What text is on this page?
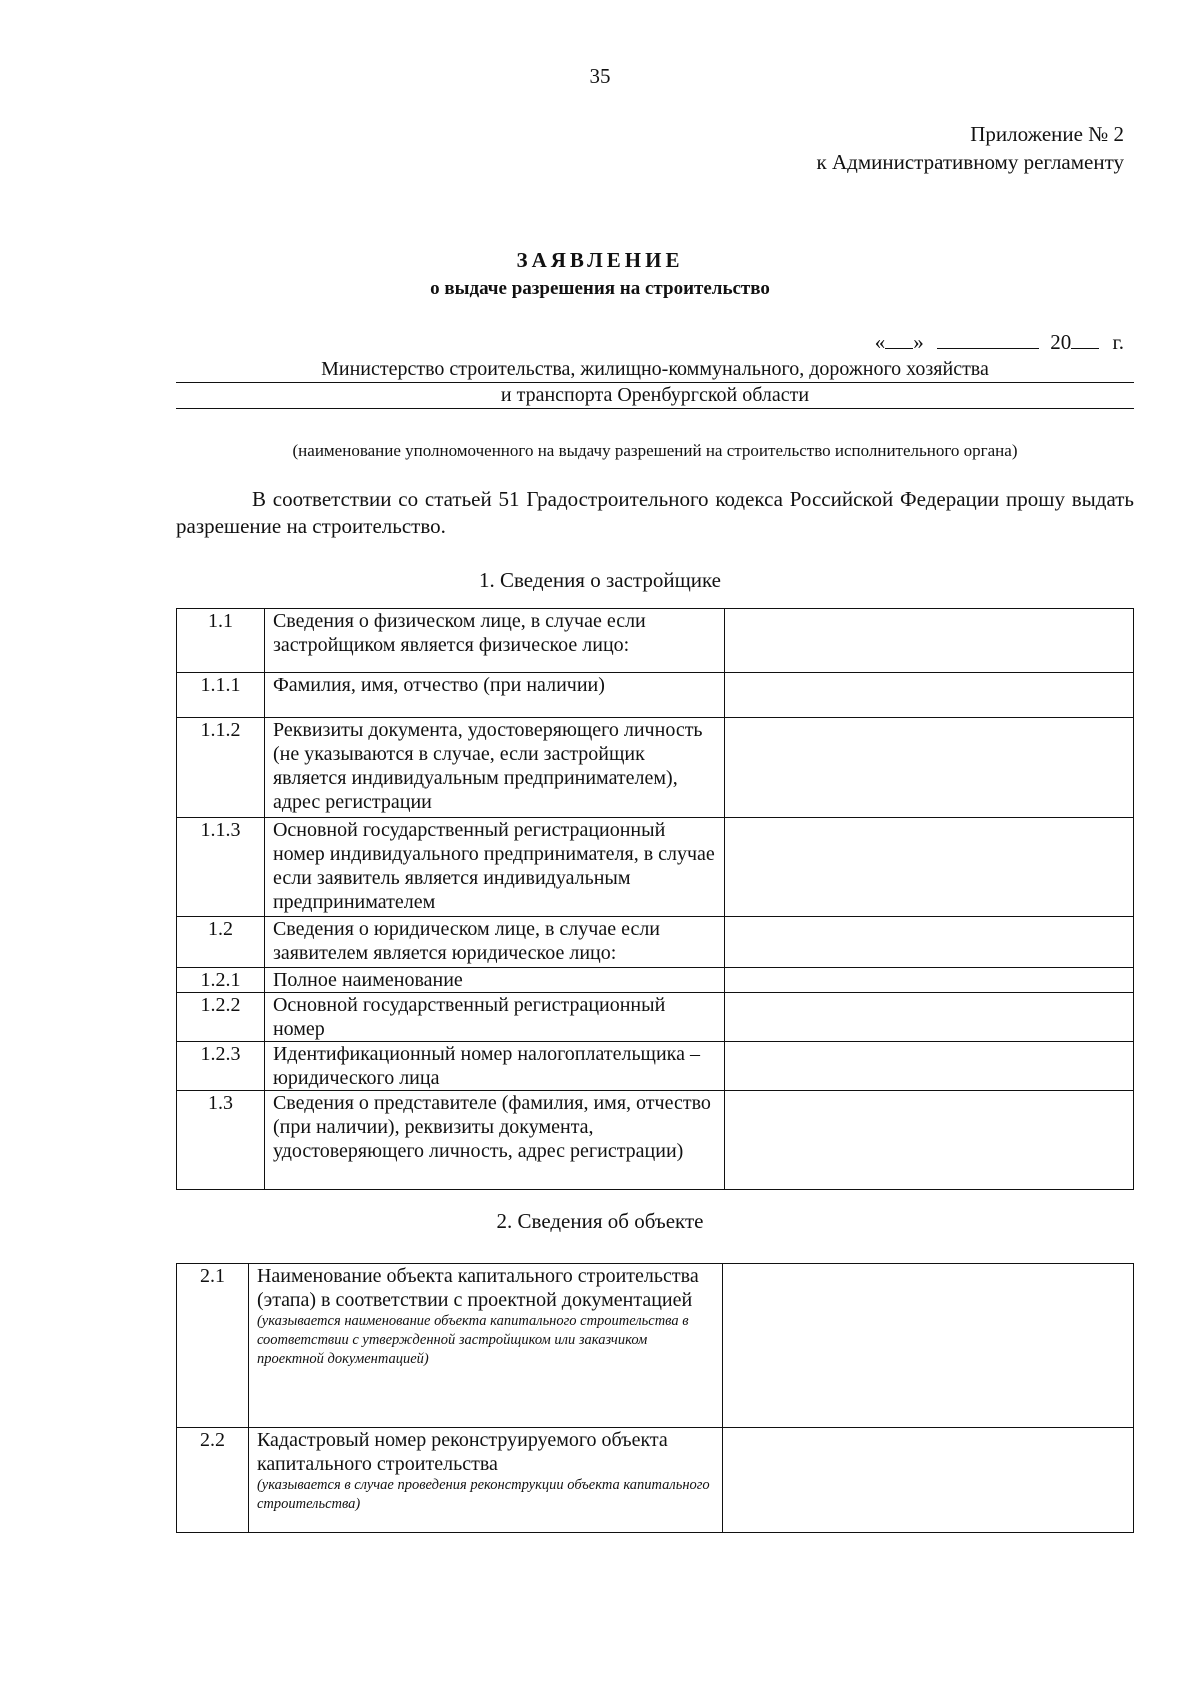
35
Приложение № 2
к Административному регламенту
ЗАЯВЛЕНИЕ
о выдаче разрешения на строительство
« »	20 г.
Министерство строительства, жилищно-коммунального, дорожного хозяйства
и транспорта Оренбургской области
(наименование уполномоченного на выдачу разрешений на строительство исполнительного органа)
В соответствии со статьей 51 Градостроительного кодекса Российской Федерации прошу выдать разрешение на строительство.
1. Сведения о застройщике
1.1	Сведения о физическом лице, в случае если застройщиком является физическое лицо:	
1.1.1	Фамилия, имя, отчество (при наличии)	
1.1.2	Реквизиты документа, удостоверяющего личность (не указываются в случае, если застройщик является индивидуальным предпринимателем), адрес регистрации	
1.1.3	Основной государственный регистрационный номер индивидуального предпринимателя, в случае если заявитель является индивидуальным предпринимателем	
1.2	Сведения о юридическом лице, в случае если заявителем является юридическое лицо:	
1.2.1	Полное наименование	
1.2.2	Основной государственный регистрационный номер	
1.2.3	Идентификационный номер налогоплательщика – юридического лица	
1.3	Сведения о представителе (фамилия, имя, отчество (при наличии), реквизиты документа, удостоверяющего личность, адрес регистрации)	
2. Сведения об объекте
2.1	Наименование объекта капитального строительства (этапа) в соответствии с проектной документацией
(указывается наименование объекта капитального строительства в соответствии с утвержденной застройщиком или заказчиком проектной документацией)	

2.2	Кадастровый номер реконструируемого объекта капитального строительства
(указывается в случае проведения реконструкции объекта капитального строительства)	
